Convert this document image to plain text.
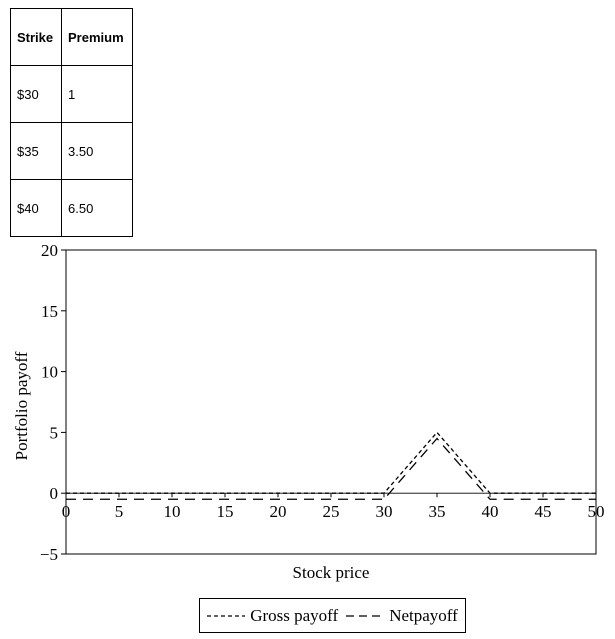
Strike	Premium
$30	1
$35	3.50
$40	6.50
−5
0
5
10
15
20
0	5 10 15 20 25 30 35 40 45 50
Stock price
Portfolio payoff
Gross payoff	Netpayoff
